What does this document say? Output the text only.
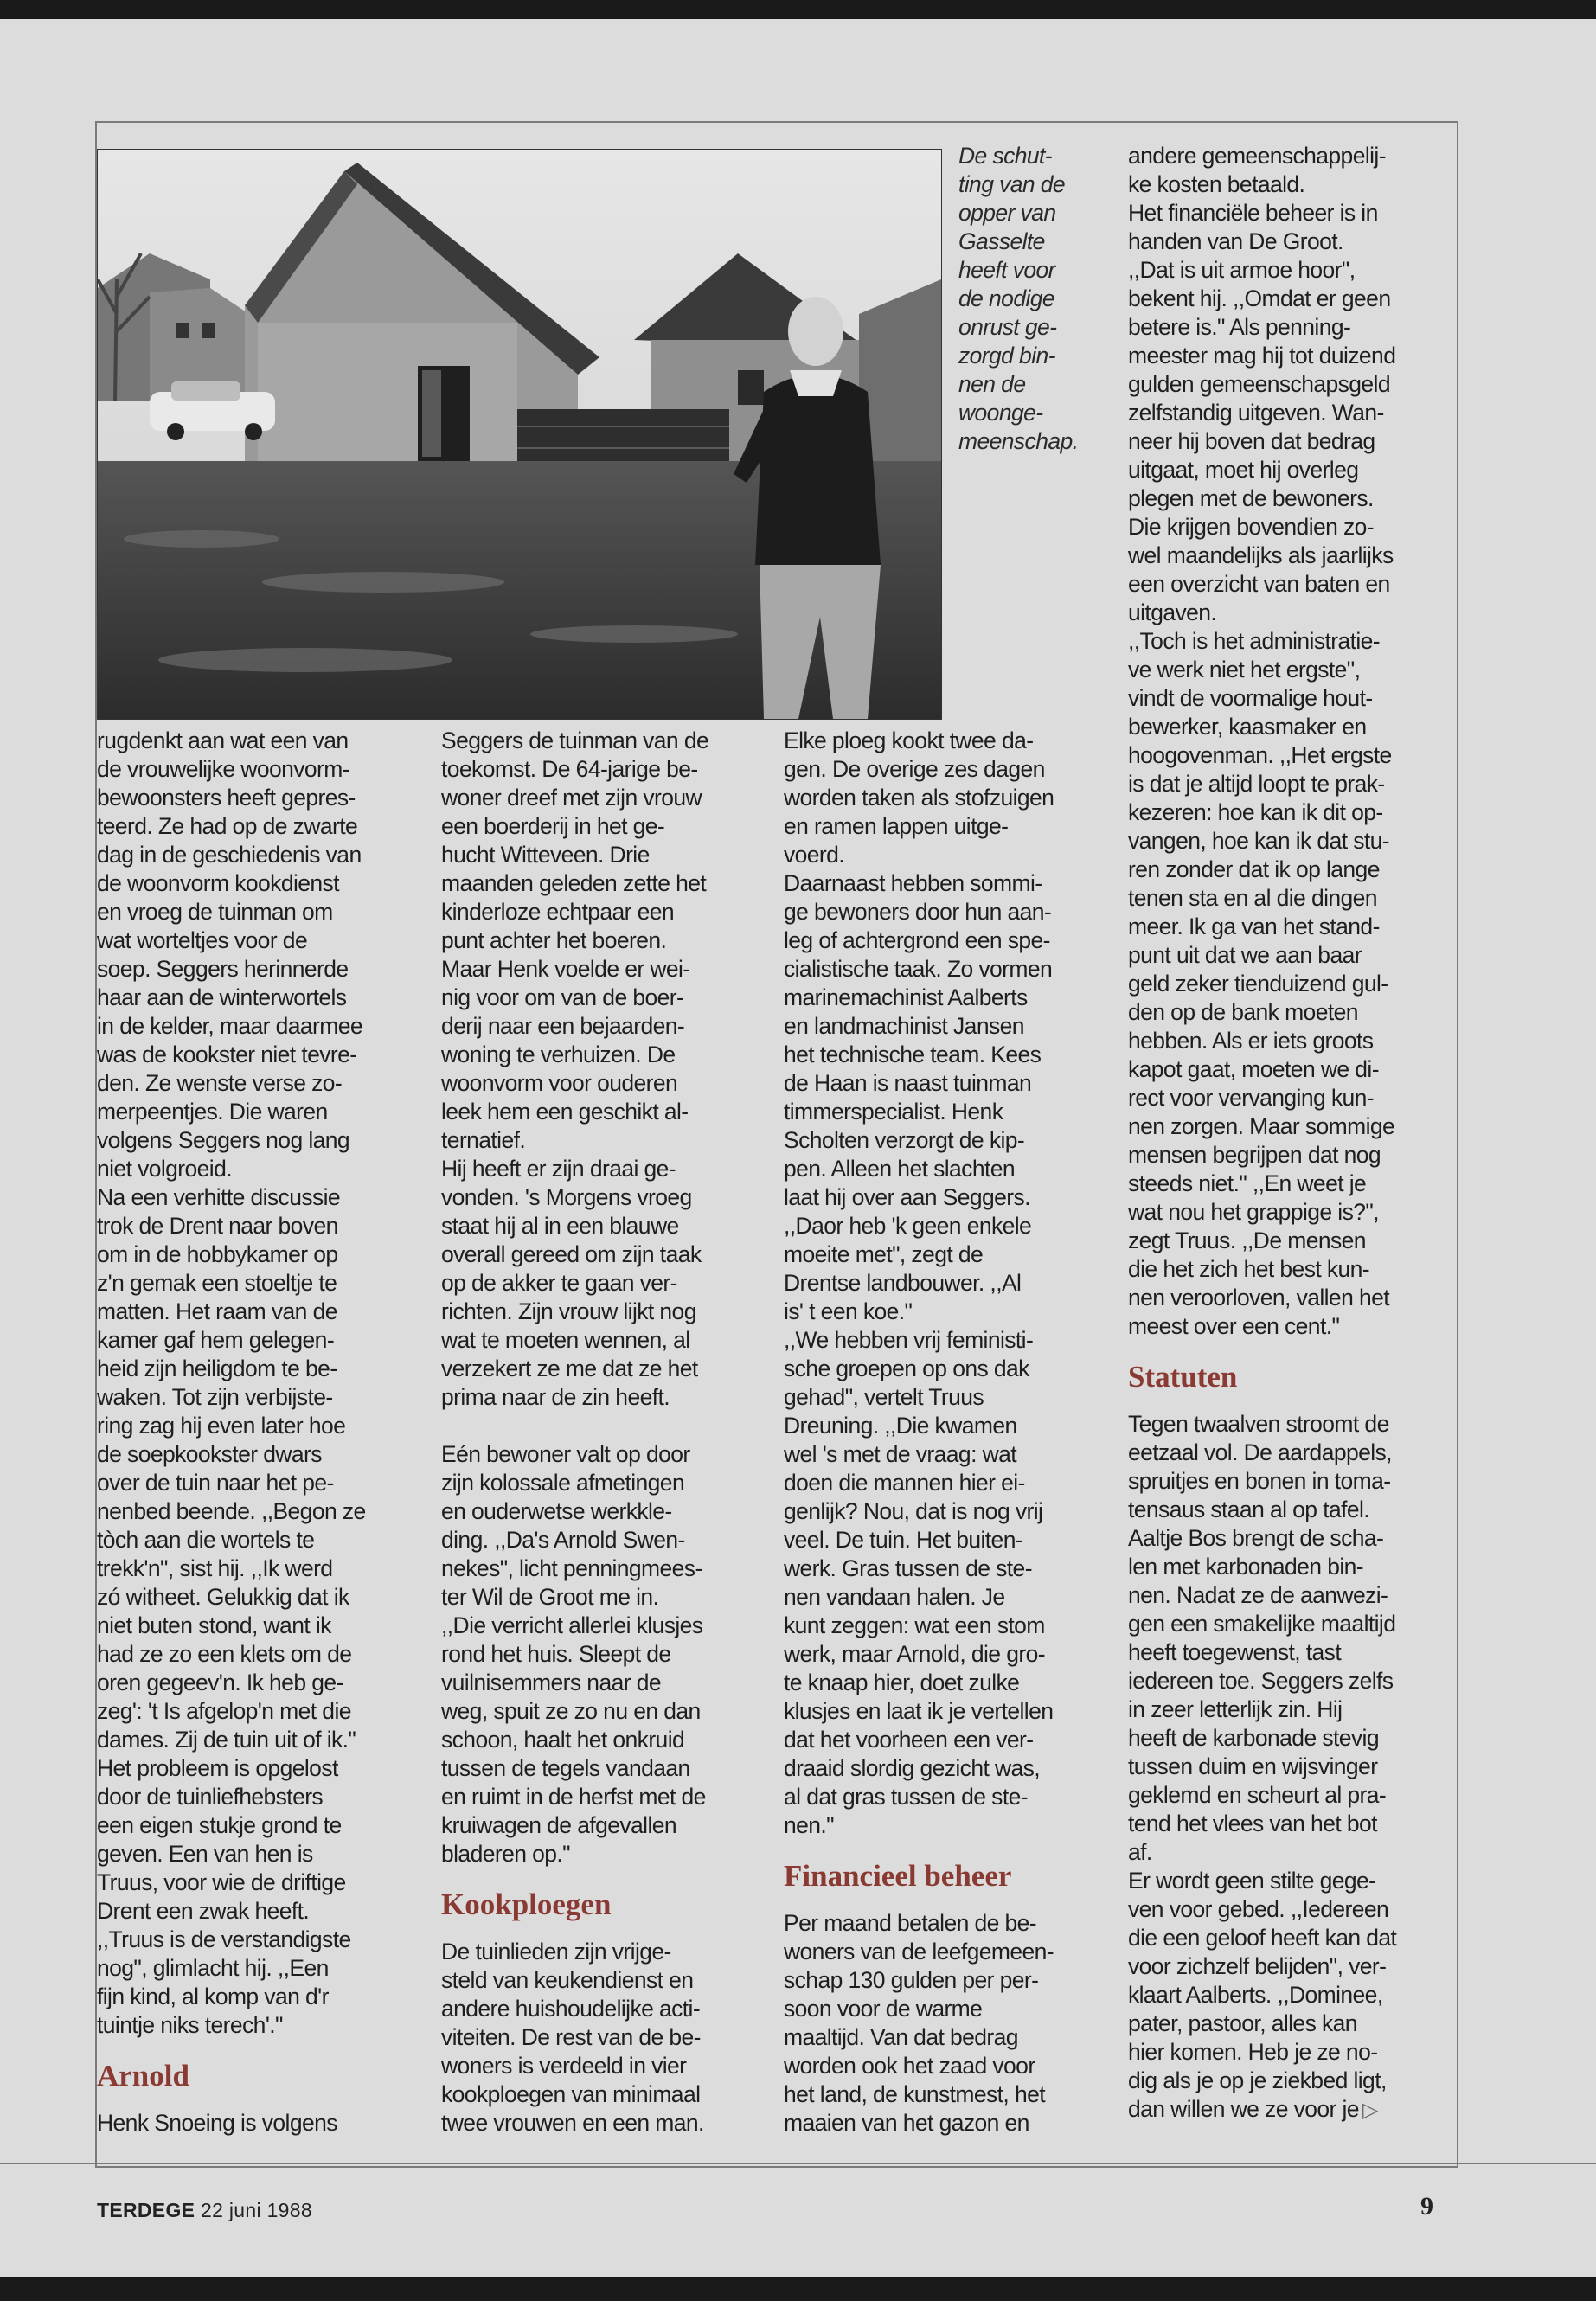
De schut-

ting van de

opper van

Gasselte

heeft voor

de nodige

onrust ge-

zorgd bin-

nen de

woonge-

meenschap.

rugdenkt aan wat een van

de vrouwelijke woonvorm-

bewoonsters heeft gepres-

teerd. Ze had op de zwarte

dag in de geschiedenis van

de woonvorm kookdienst

en vroeg de tuinman om

wat worteltjes voor de

soep. Seggers herinnerde

haar aan de winterwortels

in de kelder, maar daarmee

was de kookster niet tevre-

den. Ze wenste verse zo-

merpeentjes. Die waren

volgens Seggers nog lang

niet volgroeid.

Na een verhitte discussie

trok de Drent naar boven

om in de hobbykamer op

z'n gemak een stoeltje te

matten. Het raam van de

kamer gaf hem gelegen-

heid zijn heiligdom te be-

waken. Tot zijn verbijste-

ring zag hij even later hoe

de soepkookster dwars

over de tuin naar het pe-

nenbed beende. ,,Begon ze

tòch aan die wortels te

trekk'n", sist hij. ,,Ik werd

zó witheet. Gelukkig dat ik

niet buten stond, want ik

had ze zo een klets om de

oren gegeev'n. Ik heb ge-

zeg': 't Is afgelop'n met die

dames. Zij de tuin uit of ik."

Het probleem is opgelost

door de tuinliefhebsters

een eigen stukje grond te

geven. Een van hen is

Truus, voor wie de driftige

Drent een zwak heeft.

,,Truus is de verstandigste

nog", glimlacht hij. ,,Een

fijn kind, al komp van d'r

tuintje niks terech'."

Arnold

Henk Snoeing is volgens

Seggers de tuinman van de

toekomst. De 64-jarige be-

woner dreef met zijn vrouw

een boerderij in het ge-

hucht Witteveen. Drie

maanden geleden zette het

kinderloze echtpaar een

punt achter het boeren.

Maar Henk voelde er wei-

nig voor om van de boer-

derij naar een bejaarden-

woning te verhuizen. De

woonvorm voor ouderen

leek hem een geschikt al-

ternatief.

Hij heeft er zijn draai ge-

vonden. 's Morgens vroeg

staat hij al in een blauwe

overall gereed om zijn taak

op de akker te gaan ver-

richten. Zijn vrouw lijkt nog

wat te moeten wennen, al

verzekert ze me dat ze het

prima naar de zin heeft.

Eén bewoner valt op door

zijn kolossale afmetingen

en ouderwetse werkkle-

ding. ,,Da's Arnold Swen-

nekes", licht penningmees-

ter Wil de Groot me in.

,,Die verricht allerlei klusjes

rond het huis. Sleept de

vuilnisemmers naar de

weg, spuit ze zo nu en dan

schoon, haalt het onkruid

tussen de tegels vandaan

en ruimt in de herfst met de

kruiwagen de afgevallen

bladeren op."

Kookploegen

De tuinlieden zijn vrijge-

steld van keukendienst en

andere huishoudelijke acti-

viteiten. De rest van de be-

woners is verdeeld in vier

kookploegen van minimaal

twee vrouwen en een man.

Elke ploeg kookt twee da-

gen. De overige zes dagen

worden taken als stofzuigen

en ramen lappen uitge-

voerd.

Daarnaast hebben sommi-

ge bewoners door hun aan-

leg of achtergrond een spe-

cialistische taak. Zo vormen

marinemachinist Aalberts

en landmachinist Jansen

het technische team. Kees

de Haan is naast tuinman

timmerspecialist. Henk

Scholten verzorgt de kip-

pen. Alleen het slachten

laat hij over aan Seggers.

,,Daor heb 'k geen enkele

moeite met", zegt de

Drentse landbouwer. ,,Al

is' t een koe."

,,We hebben vrij feministi-

sche groepen op ons dak

gehad", vertelt Truus

Dreuning. ,,Die kwamen

wel 's met de vraag: wat

doen die mannen hier ei-

genlijk? Nou, dat is nog vrij

veel. De tuin. Het buiten-

werk. Gras tussen de ste-

nen vandaan halen. Je

kunt zeggen: wat een stom

werk, maar Arnold, die gro-

te knaap hier, doet zulke

klusjes en laat ik je vertellen

dat het voorheen een ver-

draaid slordig gezicht was,

al dat gras tussen de ste-

nen."

Financieel beheer

Per maand betalen de be-

woners van de leefgemeen-

schap 130 gulden per per-

soon voor de warme

maaltijd. Van dat bedrag

worden ook het zaad voor

het land, de kunstmest, het

maaien van het gazon en

andere gemeenschappelij-

ke kosten betaald.

Het financiële beheer is in

handen van De Groot.

,,Dat is uit armoe hoor",

bekent hij. ,,Omdat er geen

betere is." Als penning-

meester mag hij tot duizend

gulden gemeenschapsgeld

zelfstandig uitgeven. Wan-

neer hij boven dat bedrag

uitgaat, moet hij overleg

plegen met de bewoners.

Die krijgen bovendien zo-

wel maandelijks als jaarlijks

een overzicht van baten en

uitgaven.

,,Toch is het administratie-

ve werk niet het ergste",

vindt de voormalige hout-

bewerker, kaasmaker en

hoogovenman. ,,Het ergste

is dat je altijd loopt te prak-

kezeren: hoe kan ik dit op-

vangen, hoe kan ik dat stu-

ren zonder dat ik op lange

tenen sta en al die dingen

meer. Ik ga van het stand-

punt uit dat we aan baar

geld zeker tienduizend gul-

den op de bank moeten

hebben. Als er iets groots

kapot gaat, moeten we di-

rect voor vervanging kun-

nen zorgen. Maar sommige

mensen begrijpen dat nog

steeds niet." ,,En weet je

wat nou het grappige is?",

zegt Truus. ,,De mensen

die het zich het best kun-

nen veroorloven, vallen het

meest over een cent."

Statuten

Tegen twaalven stroomt de

eetzaal vol. De aardappels,

spruitjes en bonen in toma-

tensaus staan al op tafel.

Aaltje Bos brengt de scha-

len met karbonaden bin-

nen. Nadat ze de aanwezi-

gen een smakelijke maaltijd

heeft toegewenst, tast

iedereen toe. Seggers zelfs

in zeer letterlijk zin. Hij

heeft de karbonade stevig

tussen duim en wijsvinger

geklemd en scheurt al pra-

tend het vlees van het bot

af.

Er wordt geen stilte gege-

ven voor gebed. ,,Iedereen

die een geloof heeft kan dat

voor zichzelf belijden", ver-

klaart Aalberts. ,,Dominee,

pater, pastoor, alles kan

hier komen. Heb je ze no-

dig als je op je ziekbed ligt,

dan willen we ze voor je ▷

TERDEGE 22 juni 1988	9
